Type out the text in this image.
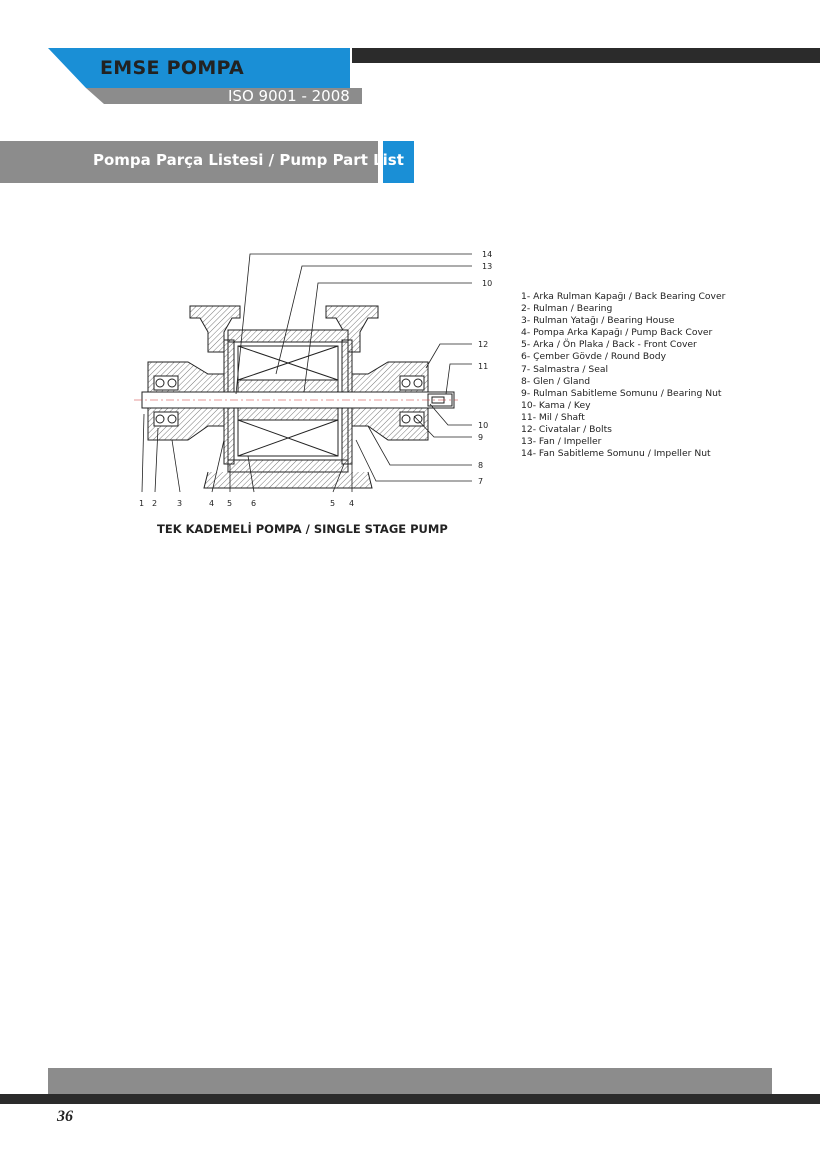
EMSE POMPA
ISO 9001 - 2008
Pompa Parça Listesi / Pump Part List
14
13
10
12
11
10
9
8
7
1 2 3	4 5 6	5 4
1- Arka Rulman Kapağı / Back Bearing Cover
2- Rulman / Bearing
3- Rulman Yatağı / Bearing House
4- Pompa Arka Kapağı / Pump Back Cover
5- Arka / Ön Plaka / Back - Front Cover
6- Çember Gövde / Round Body
7- Salmastra / Seal
8- Glen / Gland
9- Rulman Sabitleme Somunu / Bearing Nut
10- Kama / Key
11- Mil / Shaft
12- Civatalar / Bolts
13- Fan / Impeller
14- Fan Sabitleme Somunu / Impeller Nut
TEK KADEMELİ POMPA / SINGLE STAGE PUMP
36
